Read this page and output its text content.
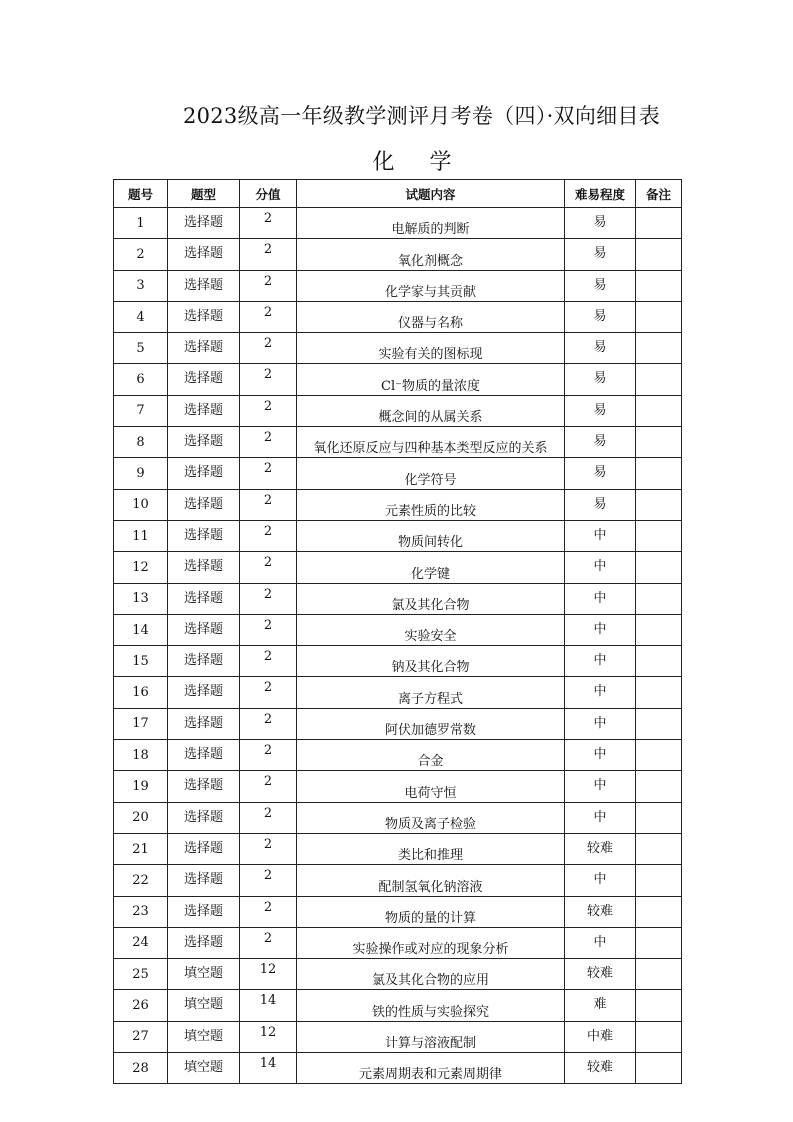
2023级高一年级教学测评月考卷（四）·双向细目表
化 学
题号	题型	分值	试题内容	难易程度	备注
1	选择题	2	电解质的判断	易	
2	选择题	2	氧化剂概念	易	
3	选择题	2	化学家与其贡献	易	
4	选择题	2	仪器与名称	易	
5	选择题	2	实验有关的图标现	易	
6	选择题	2	Cl⁻物质的量浓度	易	
7	选择题	2	概念间的从属关系	易	
8	选择题	2	氧化还原反应与四种基本类型反应的关系	易	
9	选择题	2	化学符号	易	
10	选择题	2	元素性质的比较	易	
11	选择题	2	物质间转化	中	
12	选择题	2	化学键	中	
13	选择题	2	氯及其化合物	中	
14	选择题	2	实验安全	中	
15	选择题	2	钠及其化合物	中	
16	选择题	2	离子方程式	中	
17	选择题	2	阿伏加德罗常数	中	
18	选择题	2	合金	中	
19	选择题	2	电荷守恒	中	
20	选择题	2	物质及离子检验	中	
21	选择题	2	类比和推理	较难	
22	选择题	2	配制氢氧化钠溶液	中	
23	选择题	2	物质的量的计算	较难	
24	选择题	2	实验操作或对应的现象分析	中	
25	填空题	12	氯及其化合物的应用	较难	
26	填空题	14	铁的性质与实验探究	难	
27	填空题	12	计算与溶液配制	中难	
28	填空题	14	元素周期表和元素周期律	较难	
